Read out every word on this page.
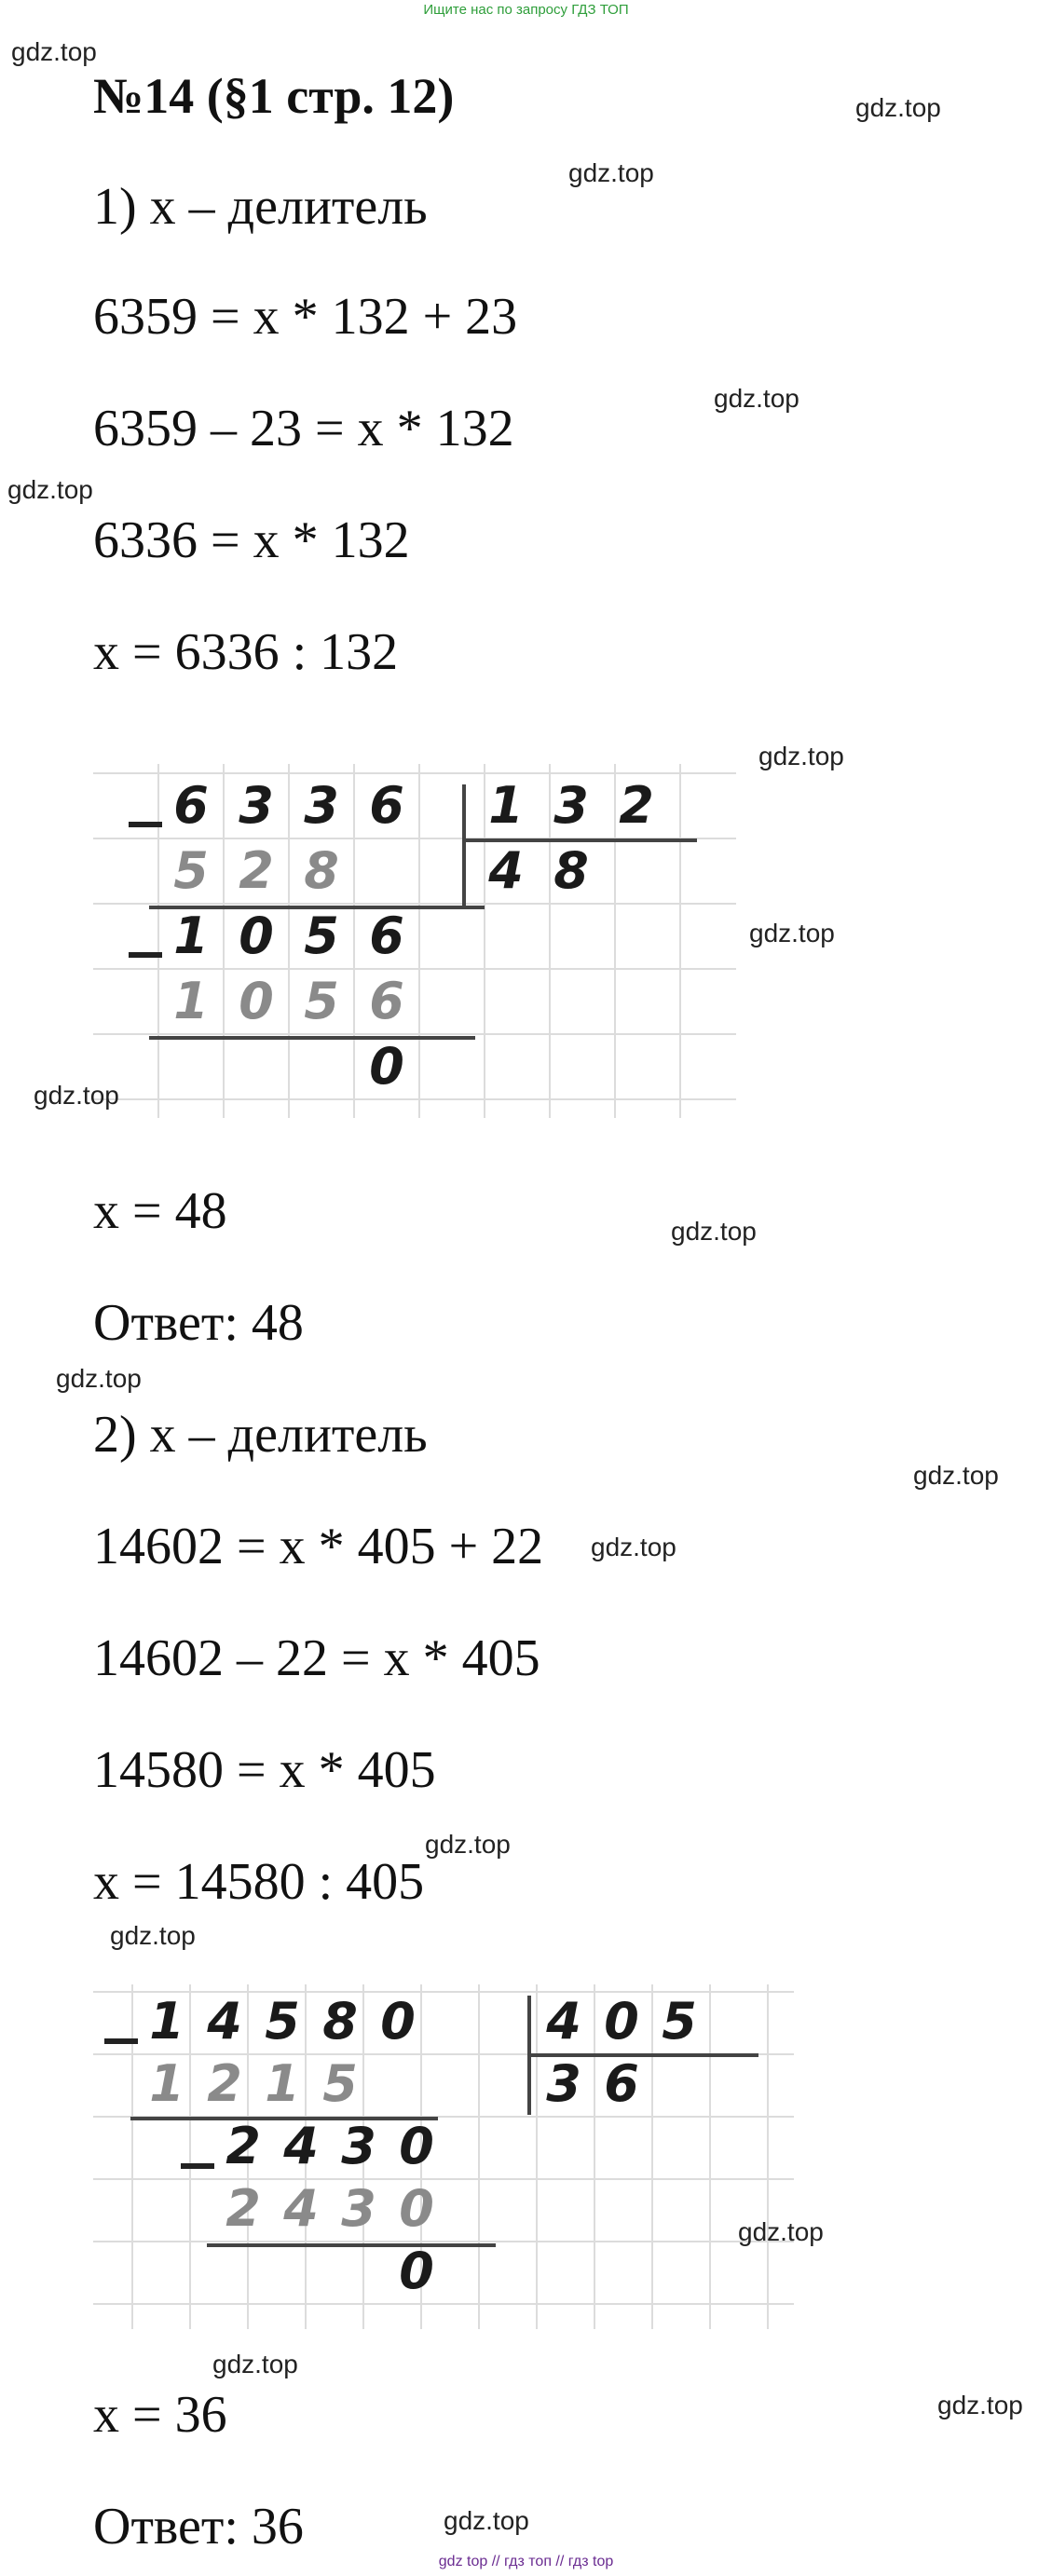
Ищите нас по запросу ГДЗ ТОП
№14 (§1 стр. 12)
1) x – делитель
6359 = x * 132 + 23
6359 – 23 = x * 132
6336 = x * 132
x = 6336 : 132
6 3 3 6	1 3 2
5 2 8	4 8
1 0 5 6
1 0 5 6
0
x = 48
Ответ: 48
2) x – делитель
14602 = x * 405 + 22
14602 – 22 = x * 405
14580 = x * 405
x = 14580 : 405
1 4 5 8 0	4 0 5
1 2 1 5	3 6
2 4 3 0
2 4 3 0
0
x = 36
Ответ: 36
gdz.top
gdz.top
gdz.top
gdz.top
gdz.top
gdz.top
gdz.top
gdz.top
gdz.top
gdz.top
gdz.top
gdz.top
gdz.top
gdz.top
gdz.top
gdz.top
gdz.top
gdz.top
gdz top // гдз топ // гдз top
